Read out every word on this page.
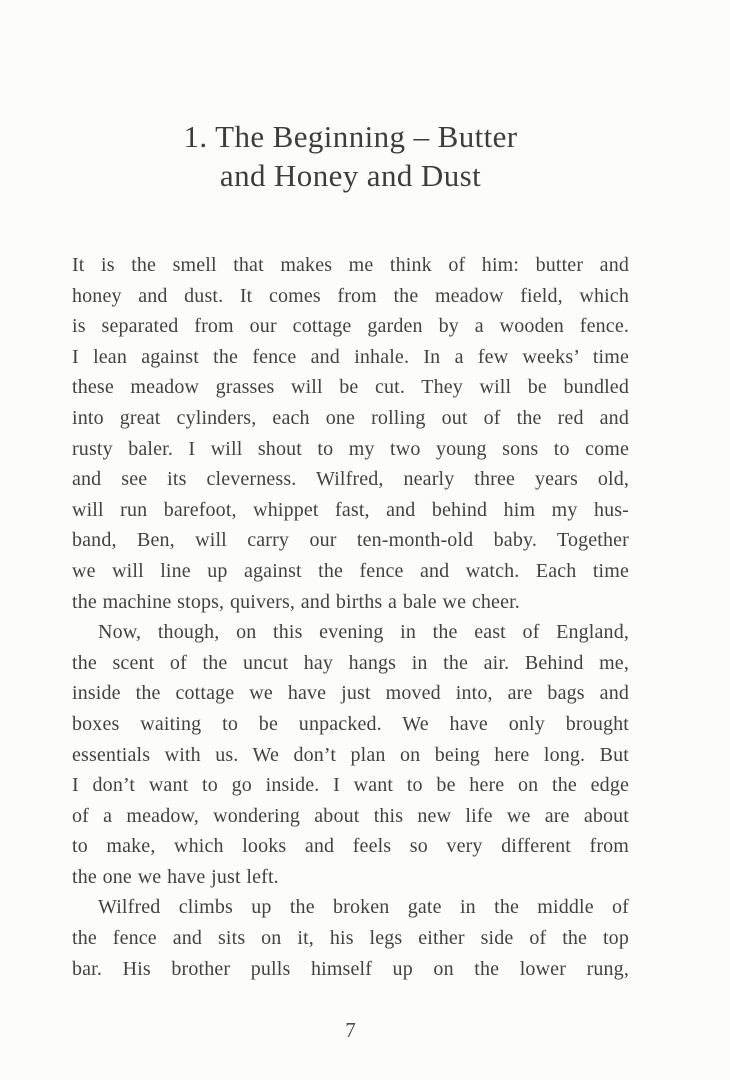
1. The Beginning – Butter
and Honey and Dust
It is the smell that makes me think of him: butter and
honey and dust. It comes from the meadow field, which
is separated from our cottage garden by a wooden fence.
I lean against the fence and inhale. In a few weeks’ time
these meadow grasses will be cut. They will be bundled
into great cylinders, each one rolling out of the red and
rusty baler. I will shout to my two young sons to come
and see its cleverness. Wilfred, nearly three years old,
will run barefoot, whippet fast, and behind him my hus-
band, Ben, will carry our ten-month-old baby. Together
we will line up against the fence and watch. Each time
the machine stops, quivers, and births a bale we cheer.
Now, though, on this evening in the east of England,
the scent of the uncut hay hangs in the air. Behind me,
inside the cottage we have just moved into, are bags and
boxes waiting to be unpacked. We have only brought
essentials with us. We don’t plan on being here long. But
I don’t want to go inside. I want to be here on the edge
of a meadow, wondering about this new life we are about
to make, which looks and feels so very different from
the one we have just left.
Wilfred climbs up the broken gate in the middle of
the fence and sits on it, his legs either side of the top
bar. His brother pulls himself up on the lower rung,
7
